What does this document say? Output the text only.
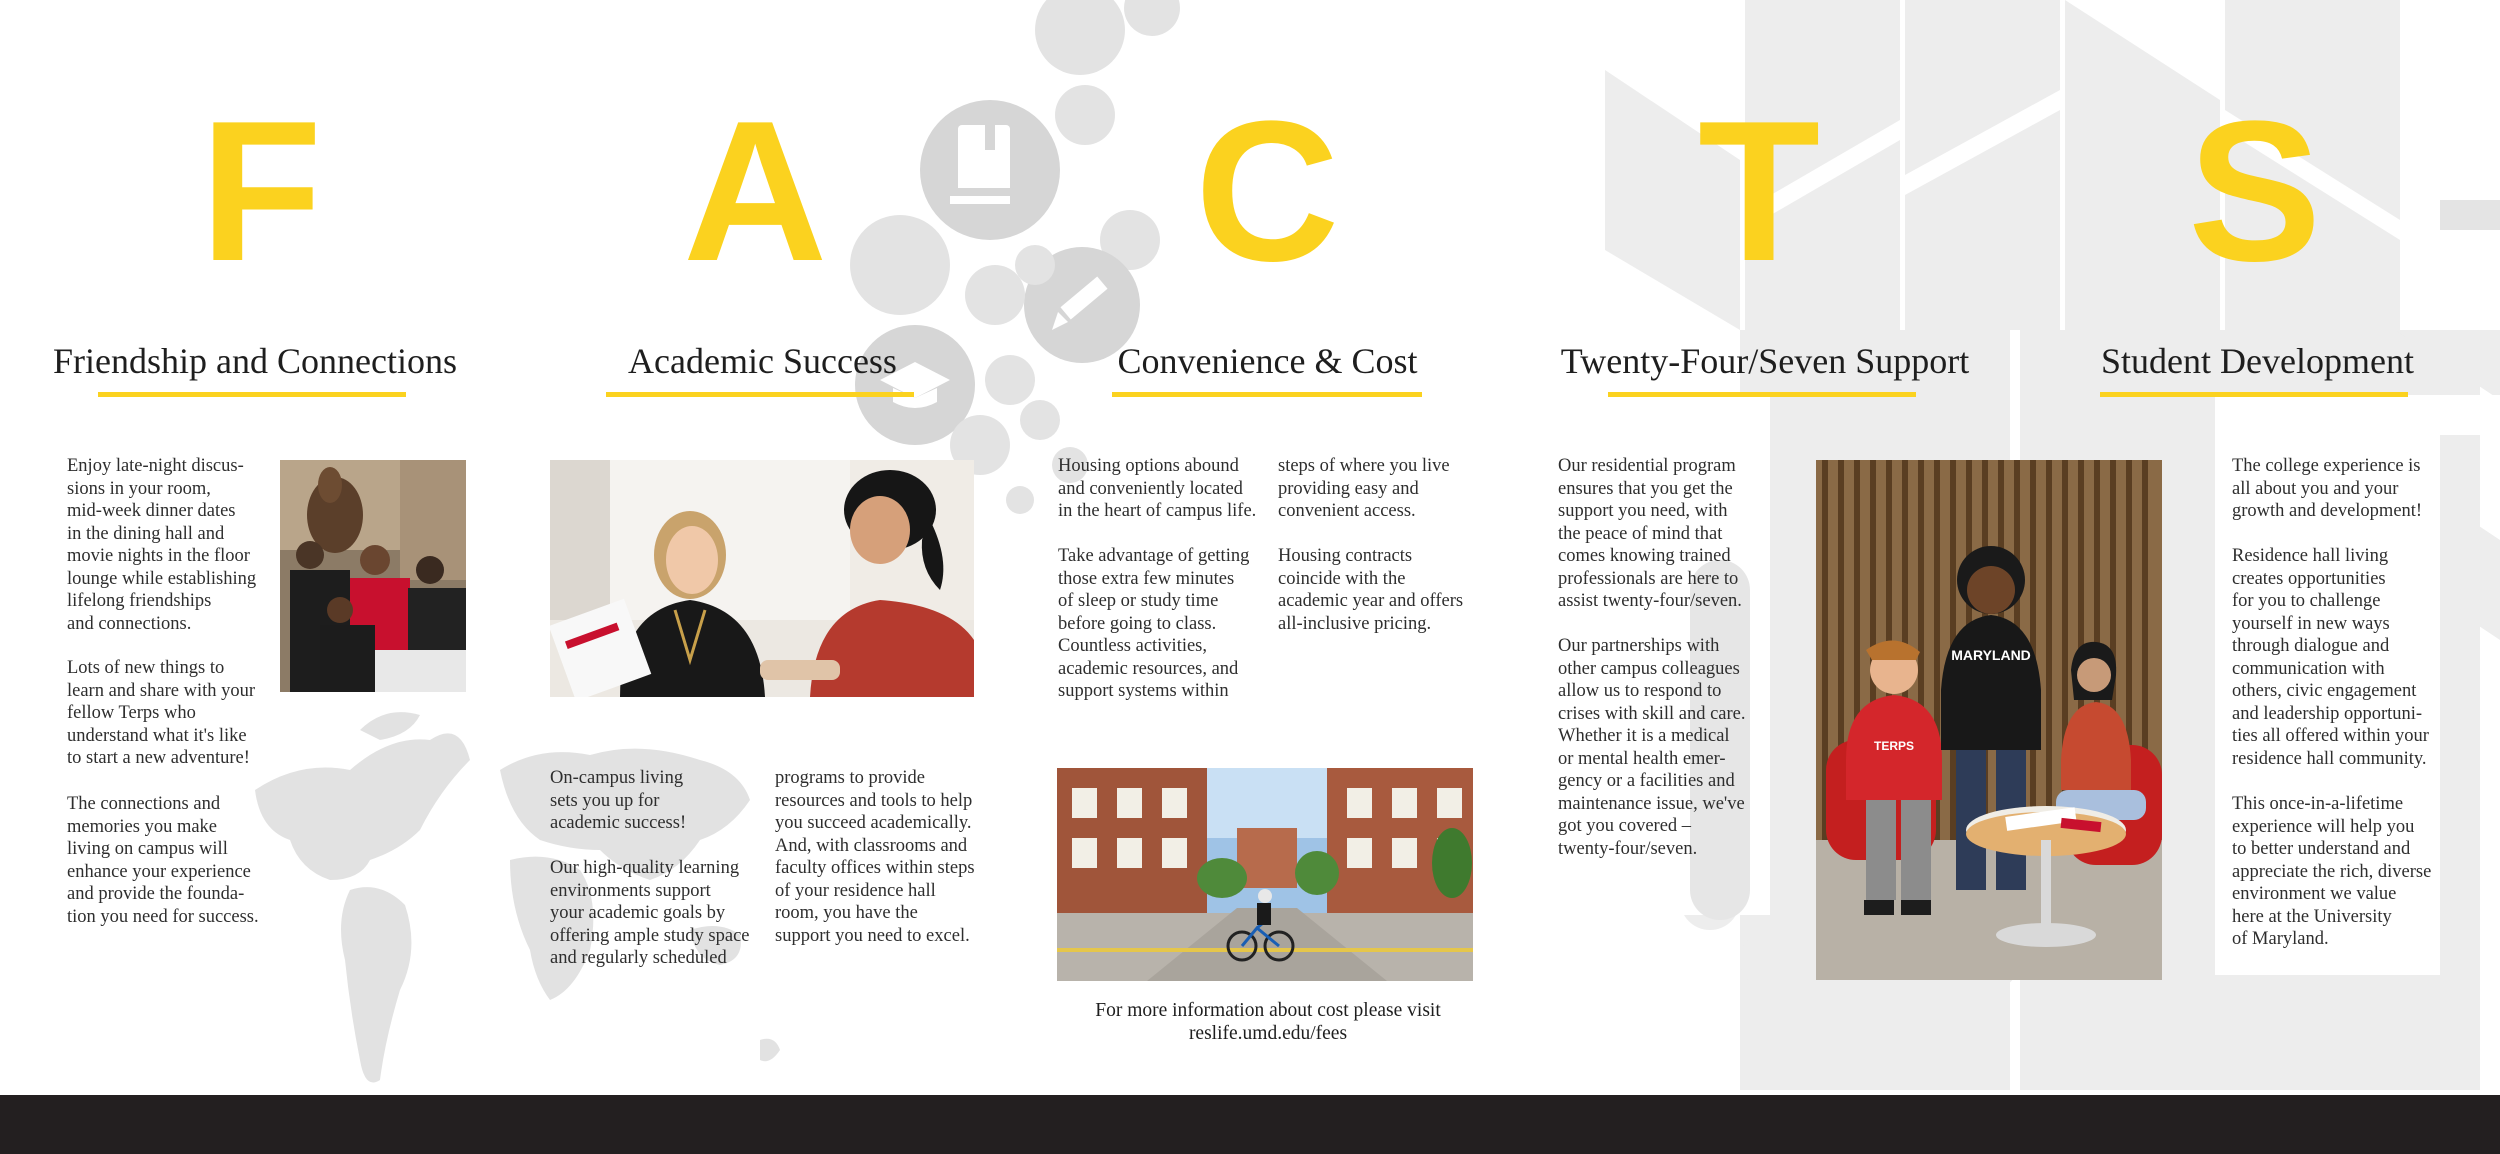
F A C T S
Friendship and Connections
Enjoy late-night discus-
sions in your room,
mid-week dinner dates
in the dining hall and
movie nights in the floor
lounge while establishing
lifelong friendships
and connections.
Lots of new things to
learn and share with your
fellow Terps who
understand what it's like
to start a new adventure!
The connections and
memories you make
living on campus will
enhance your experience
and provide the founda-
tion you need for success.
Academic Success
On-campus living
sets you up for
academic success!
Our high-quality learning
environments support
your academic goals by
offering ample study space
and regularly scheduled
programs to provide
resources and tools to help
you succeed academically.
And, with classrooms and
faculty offices within steps
of your residence hall
room, you have the
support you need to excel.
Convenience & Cost
Housing options abound
and conveniently located
in the heart of campus life.
Take advantage of getting
those extra few minutes
of sleep or study time
before going to class.
Countless activities,
academic resources, and
support systems within
steps of where you live
providing easy and
convenient access.
Housing contracts
coincide with the
academic year and offers
all-inclusive pricing.
For more information about cost please visit
reslife.umd.edu/fees
Twenty-Four/Seven Support
Our residential program
ensures that you get the
support you need, with
the peace of mind that
comes knowing trained
professionals are here to
assist twenty-four/seven.
Our partnerships with
other campus colleagues
allow us to respond to
crises with skill and care.
Whether it is a medical
or mental health emer-
gency or a facilities and
maintenance issue, we've
got you covered –
twenty-four/seven.
TERPS
MARYLAND
Student Development
The college experience is
all about you and your
growth and development!
Residence hall living
creates opportunities
for you to challenge
yourself in new ways
through dialogue and
communication with
others, civic engagement
and leadership opportuni-
ties all offered within your
residence hall community.
This once-in-a-lifetime
experience will help you
to better understand and
appreciate the rich, diverse
environment we value
here at the University
of Maryland.
